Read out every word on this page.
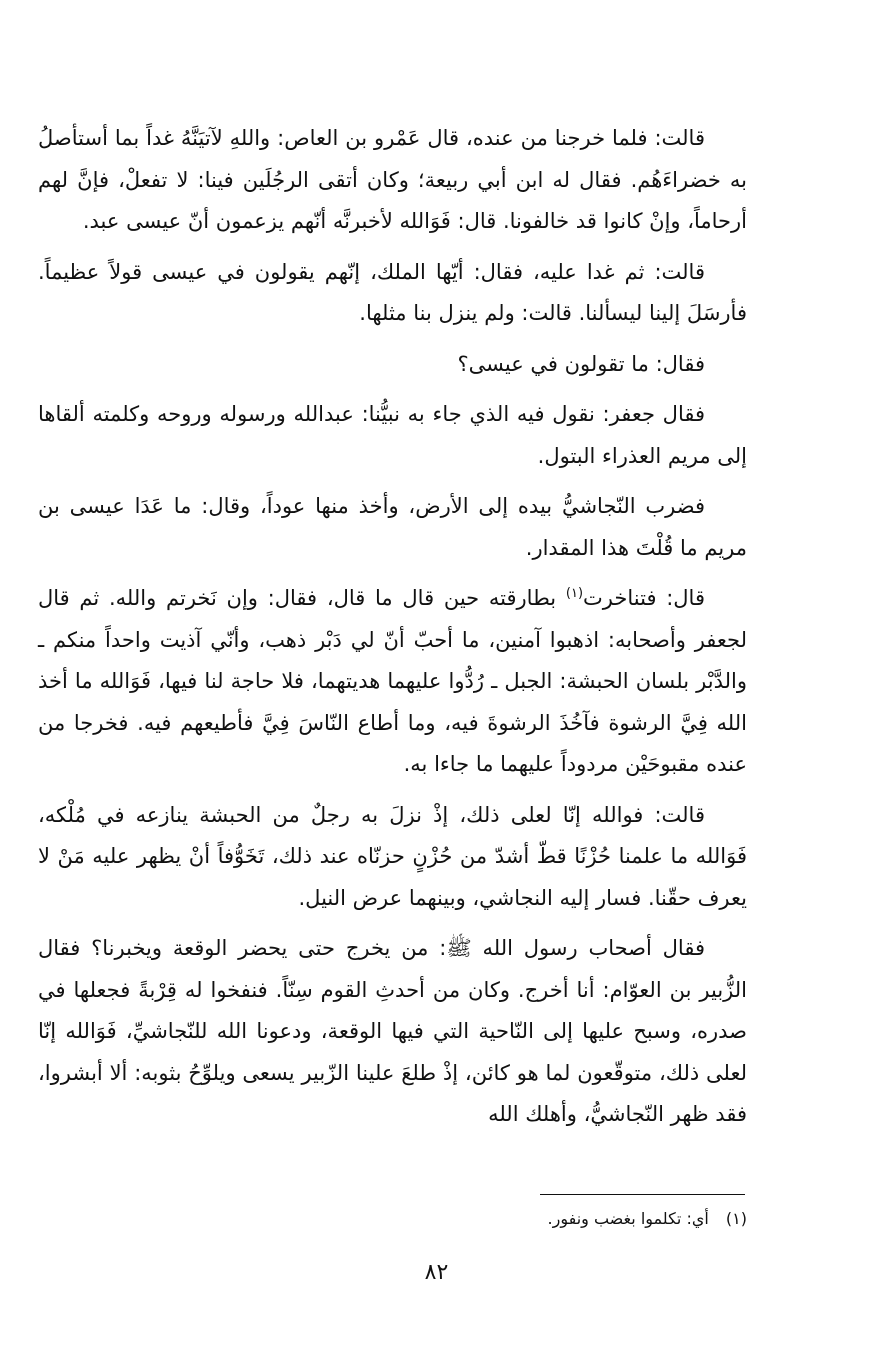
قالت: فلما خرجنا من عنده، قال عَمْرو بن العاص: واللهِ لآتيَنَّهُ غداً بما أستأصلُ به خضراءَهُم. فقال له ابن أبي ربيعة؛ وكان أتقى الرجُلَين فينا: لا تفعلْ، فإنَّ لهم أرحاماً، وإنْ كانوا قد خالفونا. قال: فَوَالله لأخبرنَّه أنّهم يزعمون أنّ عيسى عبد.

قالت: ثم غدا عليه، فقال: أيّها الملك، إنّهم يقولون في عيسى قولاً عظيماً. فأرسَلَ إلينا ليسألنا. قالت: ولم ينزل بنا مثلها.

فقال: ما تقولون في عيسى؟

فقال جعفر: نقول فيه الذي جاء به نبيُّنا: عبدالله ورسوله وروحه وكلمته ألقاها إلى مريم العذراء البتول.

فضرب النّجاشيُّ بيده إلى الأرض، وأخذ منها عوداً، وقال: ما عَدَا عيسى بن مريم ما قُلْتَ هذا المقدار.

قال: فتناخرت$^{(١)}$ بطارقته حين قال ما قال، فقال: وإن نَخرتم والله. ثم قال لجعفر وأصحابه: اذهبوا آمنين، ما أحبّ أنّ لي دَبْر ذهب، وأنّي آذيت واحداً منكم ـ والدَّبْر بلسان الحبشة: الجبل ـ رُدُّوا عليهما هديتهما، فلا حاجة لنا فيها، فَوَالله ما أخذ الله فِيَّ الرشوة فآخُذَ الرشوةَ فيه، وما أطاع النّاسَ فِيَّ فأطيعهم فيه. فخرجا من عنده مقبوحَيْن مردوداً عليهما ما جاءا به.

قالت: فوالله إنّا لعلى ذلك، إذْ نزلَ به رجلٌ من الحبشة ينازعه في مُلْكه، فَوَالله ما علمنا حُزْنًا قطّ أشدّ من حُزْنٍ حزنّاه عند ذلك، تَخَوُّفاً أنْ يظهر عليه مَنْ لا يعرف حقّنا. فسار إليه النجاشي، وبينهما عرض النيل.

فقال أصحاب رسول الله ﷺ: من يخرج حتى يحضر الوقعة ويخبرنا؟ فقال الزُّبير بن العوّام: أنا أخرج. وكان من أحدثِ القوم سِنّاً. فنفخوا له قِرْبةً فجعلها في صدره، وسبح عليها إلى النّاحية التي فيها الوقعة، ودعونا الله للنّجاشيِّ، فَوَالله إنّا لعلى ذلك، متوقّعون لما هو كائن، إذْ طلعَ علينا الزّبير يسعى ويلوِّحُ بثوبه: ألا أبشروا، فقد ظهر النّجاشيُّ، وأهلك الله

(١) أي: تكلموا بغضب ونفور.
٨٢
